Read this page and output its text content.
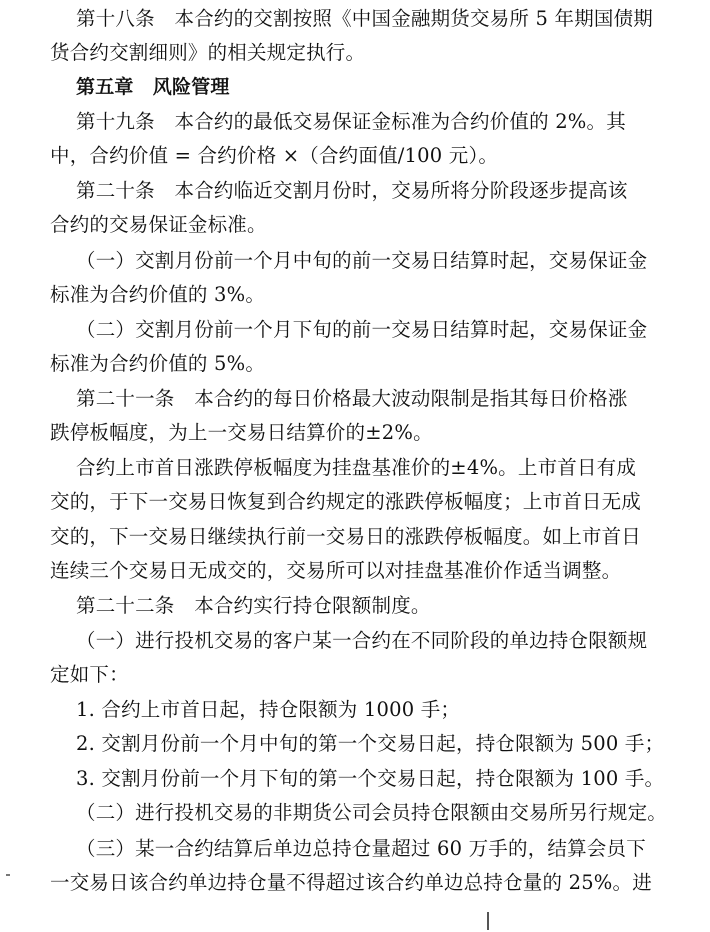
第十八条　本合约的交割按照《中国金融期货交易所 5 年期国债期
货合约交割细则》的相关规定执行。
第五章　风险管理
第十九条　本合约的最低交易保证金标准为合约价值的 2%。其
中，合约价值 = 合约价格 ×（合约面值/100 元）。
第二十条　本合约临近交割月份时，交易所将分阶段逐步提高该
合约的交易保证金标准。
（一）交割月份前一个月中旬的前一交易日结算时起，交易保证金
标准为合约价值的 3%。
（二）交割月份前一个月下旬的前一交易日结算时起，交易保证金
标准为合约价值的 5%。
第二十一条　本合约的每日价格最大波动限制是指其每日价格涨
跌停板幅度，为上一交易日结算价的±2%。
合约上市首日涨跌停板幅度为挂盘基准价的±4%。上市首日有成
交的，于下一交易日恢复到合约规定的涨跌停板幅度；上市首日无成
交的，下一交易日继续执行前一交易日的涨跌停板幅度。如上市首日
连续三个交易日无成交的，交易所可以对挂盘基准价作适当调整。
第二十二条　本合约实行持仓限额制度。
（一）进行投机交易的客户某一合约在不同阶段的单边持仓限额规
定如下：
1. 合约上市首日起，持仓限额为 1000 手；
2. 交割月份前一个月中旬的第一个交易日起，持仓限额为 500 手；
3. 交割月份前一个月下旬的第一个交易日起，持仓限额为 100 手。
（二）进行投机交易的非期货公司会员持仓限额由交易所另行规定。
（三）某一合约结算后单边总持仓量超过 60 万手的，结算会员下
一交易日该合约单边持仓量不得超过该合约单边总持仓量的 25%。进
